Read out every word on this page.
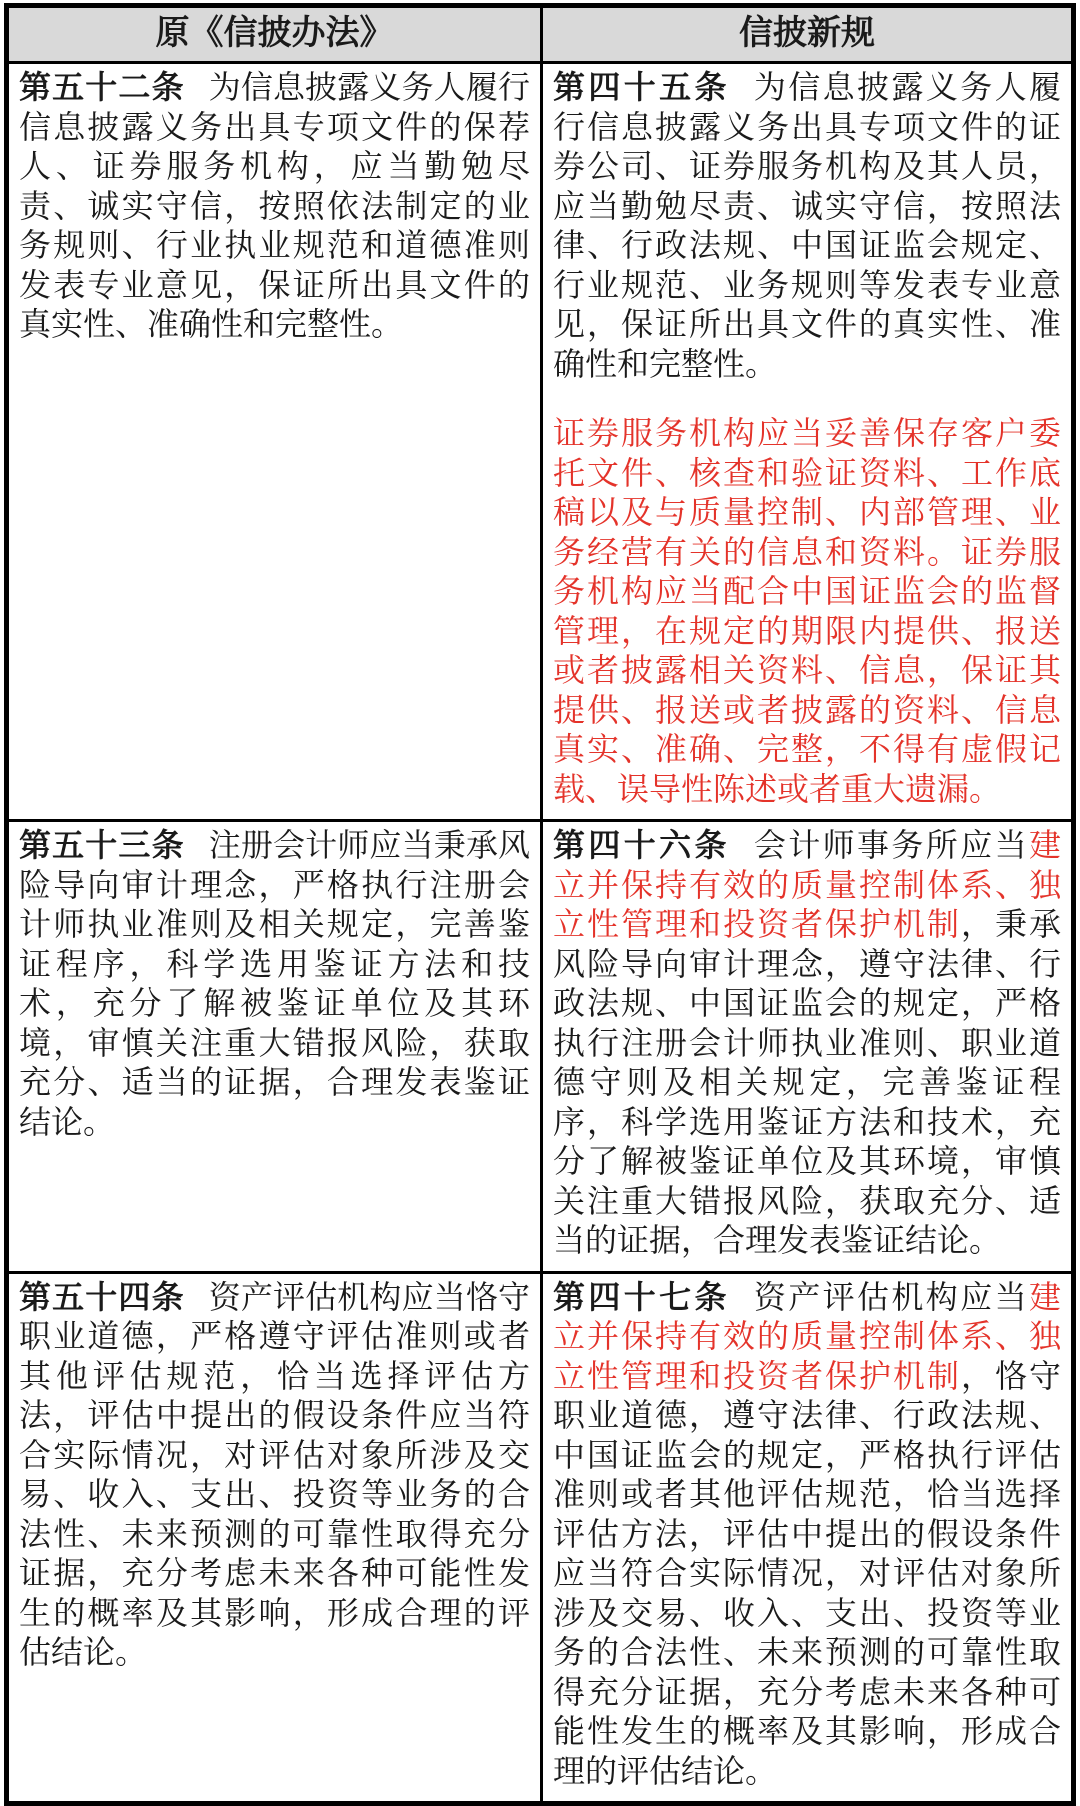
原《信披办法》	信披新规

第五十二条 为信息披露义务人履行信息披露义务出具专项文件的保荐人、证券服务机构，应当勤勉尽责、诚实守信，按照依法制定的业务规则、行业执业规范和道德准则发表专业意见，保证所出具文件的真实性、准确性和完整性。

第四十五条 为信息披露义务人履行信息披露义务出具专项文件的证券公司、证券服务机构及其人员，应当勤勉尽责、诚实守信，按照法律、行政法规、中国证监会规定、行业规范、业务规则等发表专业意见，保证所出具文件的真实性、准确性和完整性。

证券服务机构应当妥善保存客户委托文件、核查和验证资料、工作底稿以及与质量控制、内部管理、业务经营有关的信息和资料。证券服务机构应当配合中国证监会的监督管理，在规定的期限内提供、报送或者披露相关资料、信息，保证其提供、报送或者披露的资料、信息真实、准确、完整，不得有虚假记载、误导性陈述或者重大遗漏。

第五十三条 注册会计师应当秉承风险导向审计理念，严格执行注册会计师执业准则及相关规定，完善鉴证程序，科学选用鉴证方法和技术，充分了解被鉴证单位及其环境，审慎关注重大错报风险，获取充分、适当的证据，合理发表鉴证结论。

第四十六条 会计师事务所应当建立并保持有效的质量控制体系、独立性管理和投资者保护机制，秉承风险导向审计理念，遵守法律、行政法规、中国证监会的规定，严格执行注册会计师执业准则、职业道德守则及相关规定，完善鉴证程序，科学选用鉴证方法和技术，充分了解被鉴证单位及其环境，审慎关注重大错报风险，获取充分、适当的证据，合理发表鉴证结论。

第五十四条 资产评估机构应当恪守职业道德，严格遵守评估准则或者其他评估规范，恰当选择评估方法，评估中提出的假设条件应当符合实际情况，对评估对象所涉及交易、收入、支出、投资等业务的合法性、未来预测的可靠性取得充分证据，充分考虑未来各种可能性发生的概率及其影响，形成合理的评估结论。

第四十七条 资产评估机构应当建立并保持有效的质量控制体系、独立性管理和投资者保护机制，恪守职业道德，遵守法律、行政法规、中国证监会的规定，严格执行评估准则或者其他评估规范，恰当选择评估方法，评估中提出的假设条件应当符合实际情况，对评估对象所涉及交易、收入、支出、投资等业务的合法性、未来预测的可靠性取得充分证据，充分考虑未来各种可能性发生的概率及其影响，形成合理的评估结论。
